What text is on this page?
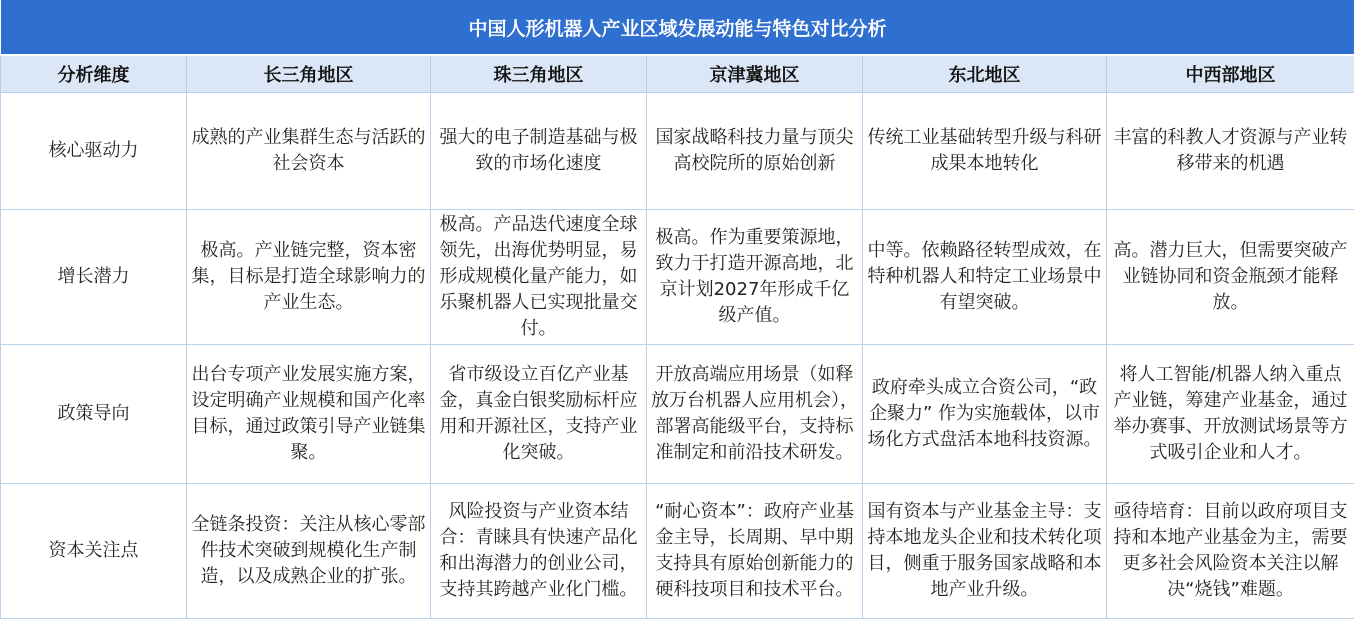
中国人形机器人产业区域发展动能与特色对比分析					
分析维度	长三角地区	珠三角地区	京津冀地区	东北地区	中西部地区
核心驱动力	成熟的产业集群生态与活跃的社会资本	强大的电子制造基础与极致的市场化速度	国家战略科技力量与顶尖高校院所的原始创新	传统工业基础转型升级与科研成果本地转化	丰富的科教人才资源与产业转移带来的机遇
增长潜力	极高。产业链完整，资本密集，目标是打造全球影响力的产业生态。	极高。产品迭代速度全球领先，出海优势明显，易形成规模化量产能力，如乐聚机器人已实现批量交付。	极高。作为重要策源地，致力于打造开源高地，北京计划2027年形成千亿级产值。	中等。依赖路径转型成效，在特种机器人和特定工业场景中有望突破。	高。潜力巨大，但需要突破产业链协同和资金瓶颈才能释放。
政策导向	出台专项产业发展实施方案，设定明确产业规模和国产化率目标，通过政策引导产业链集聚。	省市级设立百亿产业基金，真金白银奖励标杆应用和开源社区，支持产业化突破。	开放高端应用场景（如释放万台机器人应用机会），部署高能级平台，支持标准制定和前沿技术研发。	政府牵头成立合资公司，“政企聚力” 作为实施载体，以市场化方式盘活本地科技资源。	将人工智能/机器人纳入重点产业链，筹建产业基金，通过举办赛事、开放测试场景等方式吸引企业和人才。
资本关注点	全链条投资：关注从核心零部件技术突破到规模化生产制造，以及成熟企业的扩张。	风险投资与产业资本结合：青睐具有快速产品化和出海潜力的创业公司，支持其跨越产业化门槛。	“耐心资本”：政府产业基金主导，长周期、早中期支持具有原始创新能力的硬科技项目和技术平台。	国有资本与产业基金主导：支持本地龙头企业和技术转化项目，侧重于服务国家战略和本地产业升级。	亟待培育：目前以政府项目支持和本地产业基金为主，需要更多社会风险资本关注以解决“烧钱”难题。
